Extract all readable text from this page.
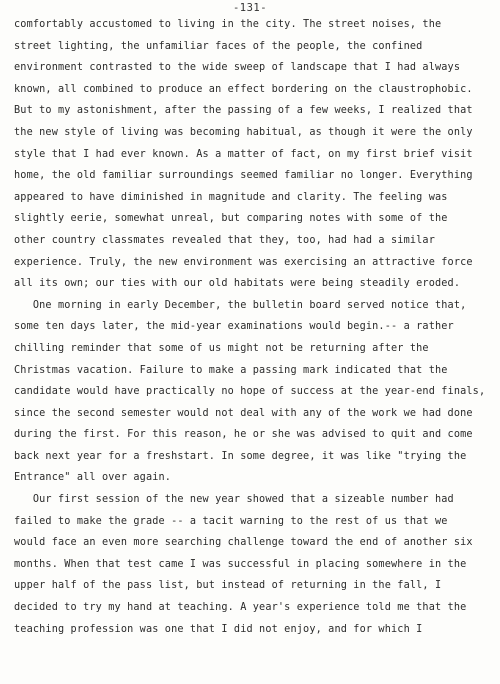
-131-
comfortably accustomed to living in the city. The street noises, the
street lighting, the unfamiliar faces of the people, the confined
environment contrasted to the wide sweep of landscape that I had always
known, all combined to produce an effect bordering on the claustrophobic.
But to my astonishment, after the passing of a few weeks, I realized that
the new style of living was becoming habitual, as though it were the only
style that I had ever known. As a matter of fact, on my first brief visit
home, the old familiar surroundings seemed familiar no longer. Everything
appeared to have diminished in magnitude and clarity. The feeling was
slightly eerie, somewhat unreal, but comparing notes with some of the
other country classmates revealed that they, too, had had a similar
experience. Truly, the new environment was exercising an attractive force
all its own; our ties with our old habitats were being steadily eroded.
One morning in early December, the bulletin board served notice that,
some ten days later, the mid-year examinations would begin.-- a rather
chilling reminder that some of us might not be returning after the
Christmas vacation. Failure to make a passing mark indicated that the
candidate would have practically no hope of success at the year-end finals,
since the second semester would not deal with any of the work we had done
during the first. For this reason, he or she was advised to quit and come
back next year for a freshstart. In some degree, it was like "trying the
Entrance" all over again.
Our first session of the new year showed that a sizeable number had
failed to make the grade -- a tacit warning to the rest of us that we
would face an even more searching challenge toward the end of another six
months. When that test came I was successful in placing somewhere in the
upper half of the pass list, but instead of returning in the fall, I
decided to try my hand at teaching. A year's experience told me that the
teaching profession was one that I did not enjoy, and for which I
